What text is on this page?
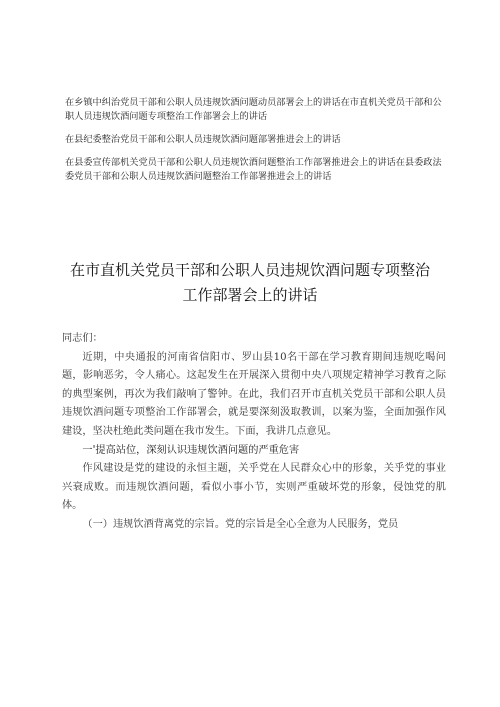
在乡镇中纠治党员干部和公职人员违规饮酒问题动员部署会上的讲话在市直机关党员干部和公职人员违规饮酒问题专项整治工作部署会上的讲话

在县纪委整治党员干部和公职人员违规饮酒问题部署推进会上的讲话

在县委宣传部机关党员干部和公职人员违规饮酒问题整治工作部署推进会上的讲话在县委政法委党员干部和公职人员违规饮酒问题整治工作部署推进会上的讲话

在市直机关党员干部和公职人员违规饮酒问题专项整治
工作部署会上的讲话

同志们：

近期，中央通报的河南省信阳市、罗山县10名干部在学习教育期间违规吃喝问题，影响恶劣，令人痛心。这起发生在开展深入贯彻中央八项规定精神学习教育之际的典型案例，再次为我们敲响了警钟。在此，我们召开市直机关党员干部和公职人员违规饮酒问题专项整治工作部署会，就是要深刻汲取教训，以案为鉴，全面加强作风建设，坚决杜绝此类问题在我市发生。下面，我讲几点意见。

一'提高站位，深刻认识违规饮酒问题的严重危害

作风建设是党的建设的永恒主题，关乎党在人民群众心中的形象，关乎党的事业兴衰成败。而违规饮酒问题，看似小事小节，实则严重破坏党的形象，侵蚀党的肌体。

（一）违规饮酒背离党的宗旨。党的宗旨是全心全意为人民服务，党员
